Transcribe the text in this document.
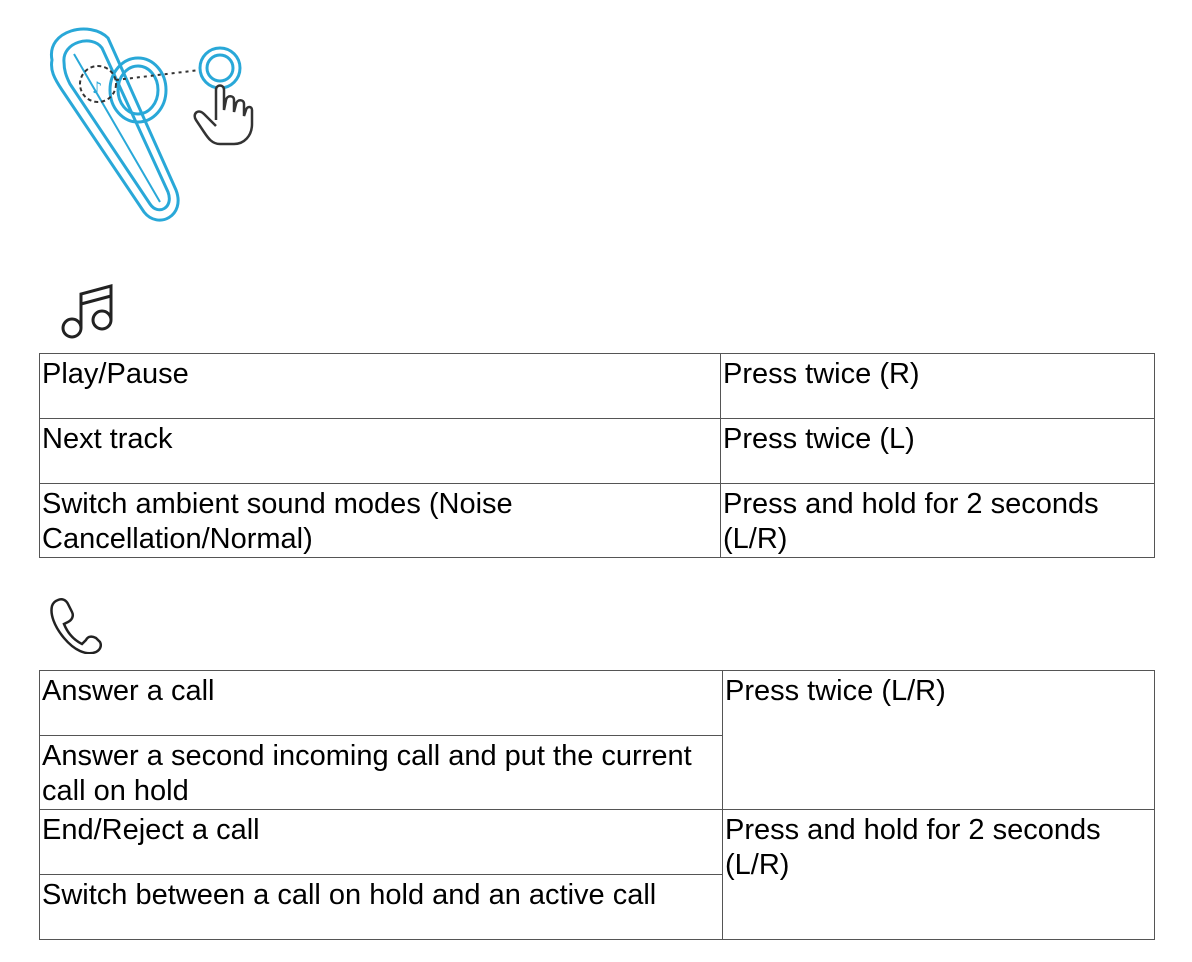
♪
Play/Pause	Press twice (R)
Next track	Press twice (L)
Switch ambient sound modes (Noise Cancellation/Normal)	Press and hold for 2 seconds (L/R)
Answer a call	Press twice (L/R)
Answer a second incoming call and put the current call on hold	
End/Reject a call	Press and hold for 2 seconds (L/R)
Switch between a call on hold and an active call	
